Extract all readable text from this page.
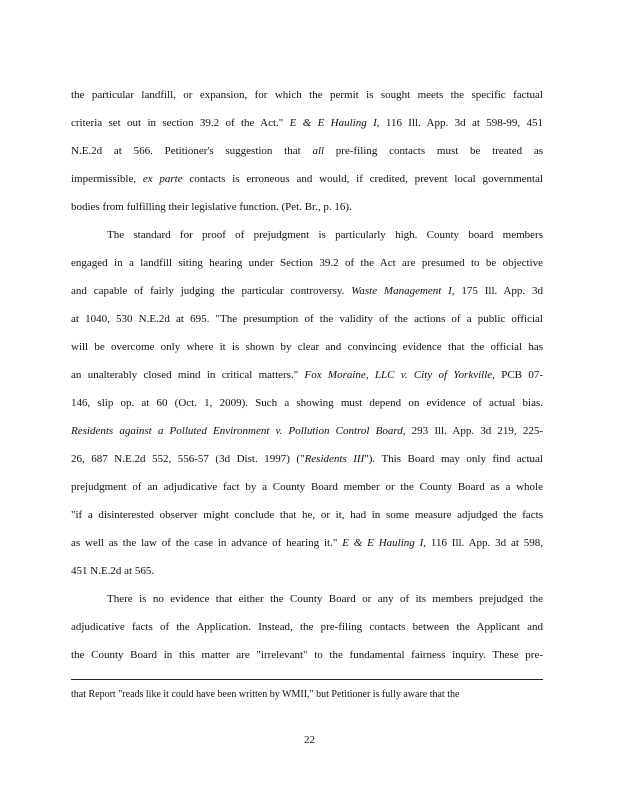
the particular landfill, or expansion, for which the permit is sought meets the specific factual
criteria set out in section 39.2 of the Act." E & E Hauling I, 116 Ill. App. 3d at 598-99, 451
N.E.2d at 566. Petitioner's suggestion that all pre-filing contacts must be treated as
impermissible, ex parte contacts is erroneous and would, if credited, prevent local governmental
bodies from fulfilling their legislative function. (Pet. Br., p. 16).
The standard for proof of prejudgment is particularly high. County board members
engaged in a landfill siting hearing under Section 39.2 of the Act are presumed to be objective
and capable of fairly judging the particular controversy. Waste Management I, 175 Ill. App. 3d
at 1040, 530 N.E.2d at 695. "The presumption of the validity of the actions of a public official
will be overcome only where it is shown by clear and convincing evidence that the official has
an unalterably closed mind in critical matters." Fox Moraine, LLC v. City of Yorkville, PCB 07-
146, slip op. at 60 (Oct. 1, 2009). Such a showing must depend on evidence of actual bias.
Residents against a Polluted Environment v. Pollution Control Board, 293 Ill. App. 3d 219, 225-
26, 687 N.E.2d 552, 556-57 (3d Dist. 1997) ("Residents III"). This Board may only find actual
prejudgment of an adjudicative fact by a County Board member or the County Board as a whole
"if a disinterested observer might conclude that he, or it, had in some measure adjudged the facts
as well as the law of the case in advance of hearing it." E & E Hauling I, 116 Ill. App. 3d at 598,
451 N.E.2d at 565.
There is no evidence that either the County Board or any of its members prejudged the
adjudicative facts of the Application. Instead, the pre-filing contacts between the Applicant and
the County Board in this matter are "irrelevant" to the fundamental fairness inquiry. These pre-
that Report "reads like it could have been written by WMII," but Petitioner is fully aware that the
22
